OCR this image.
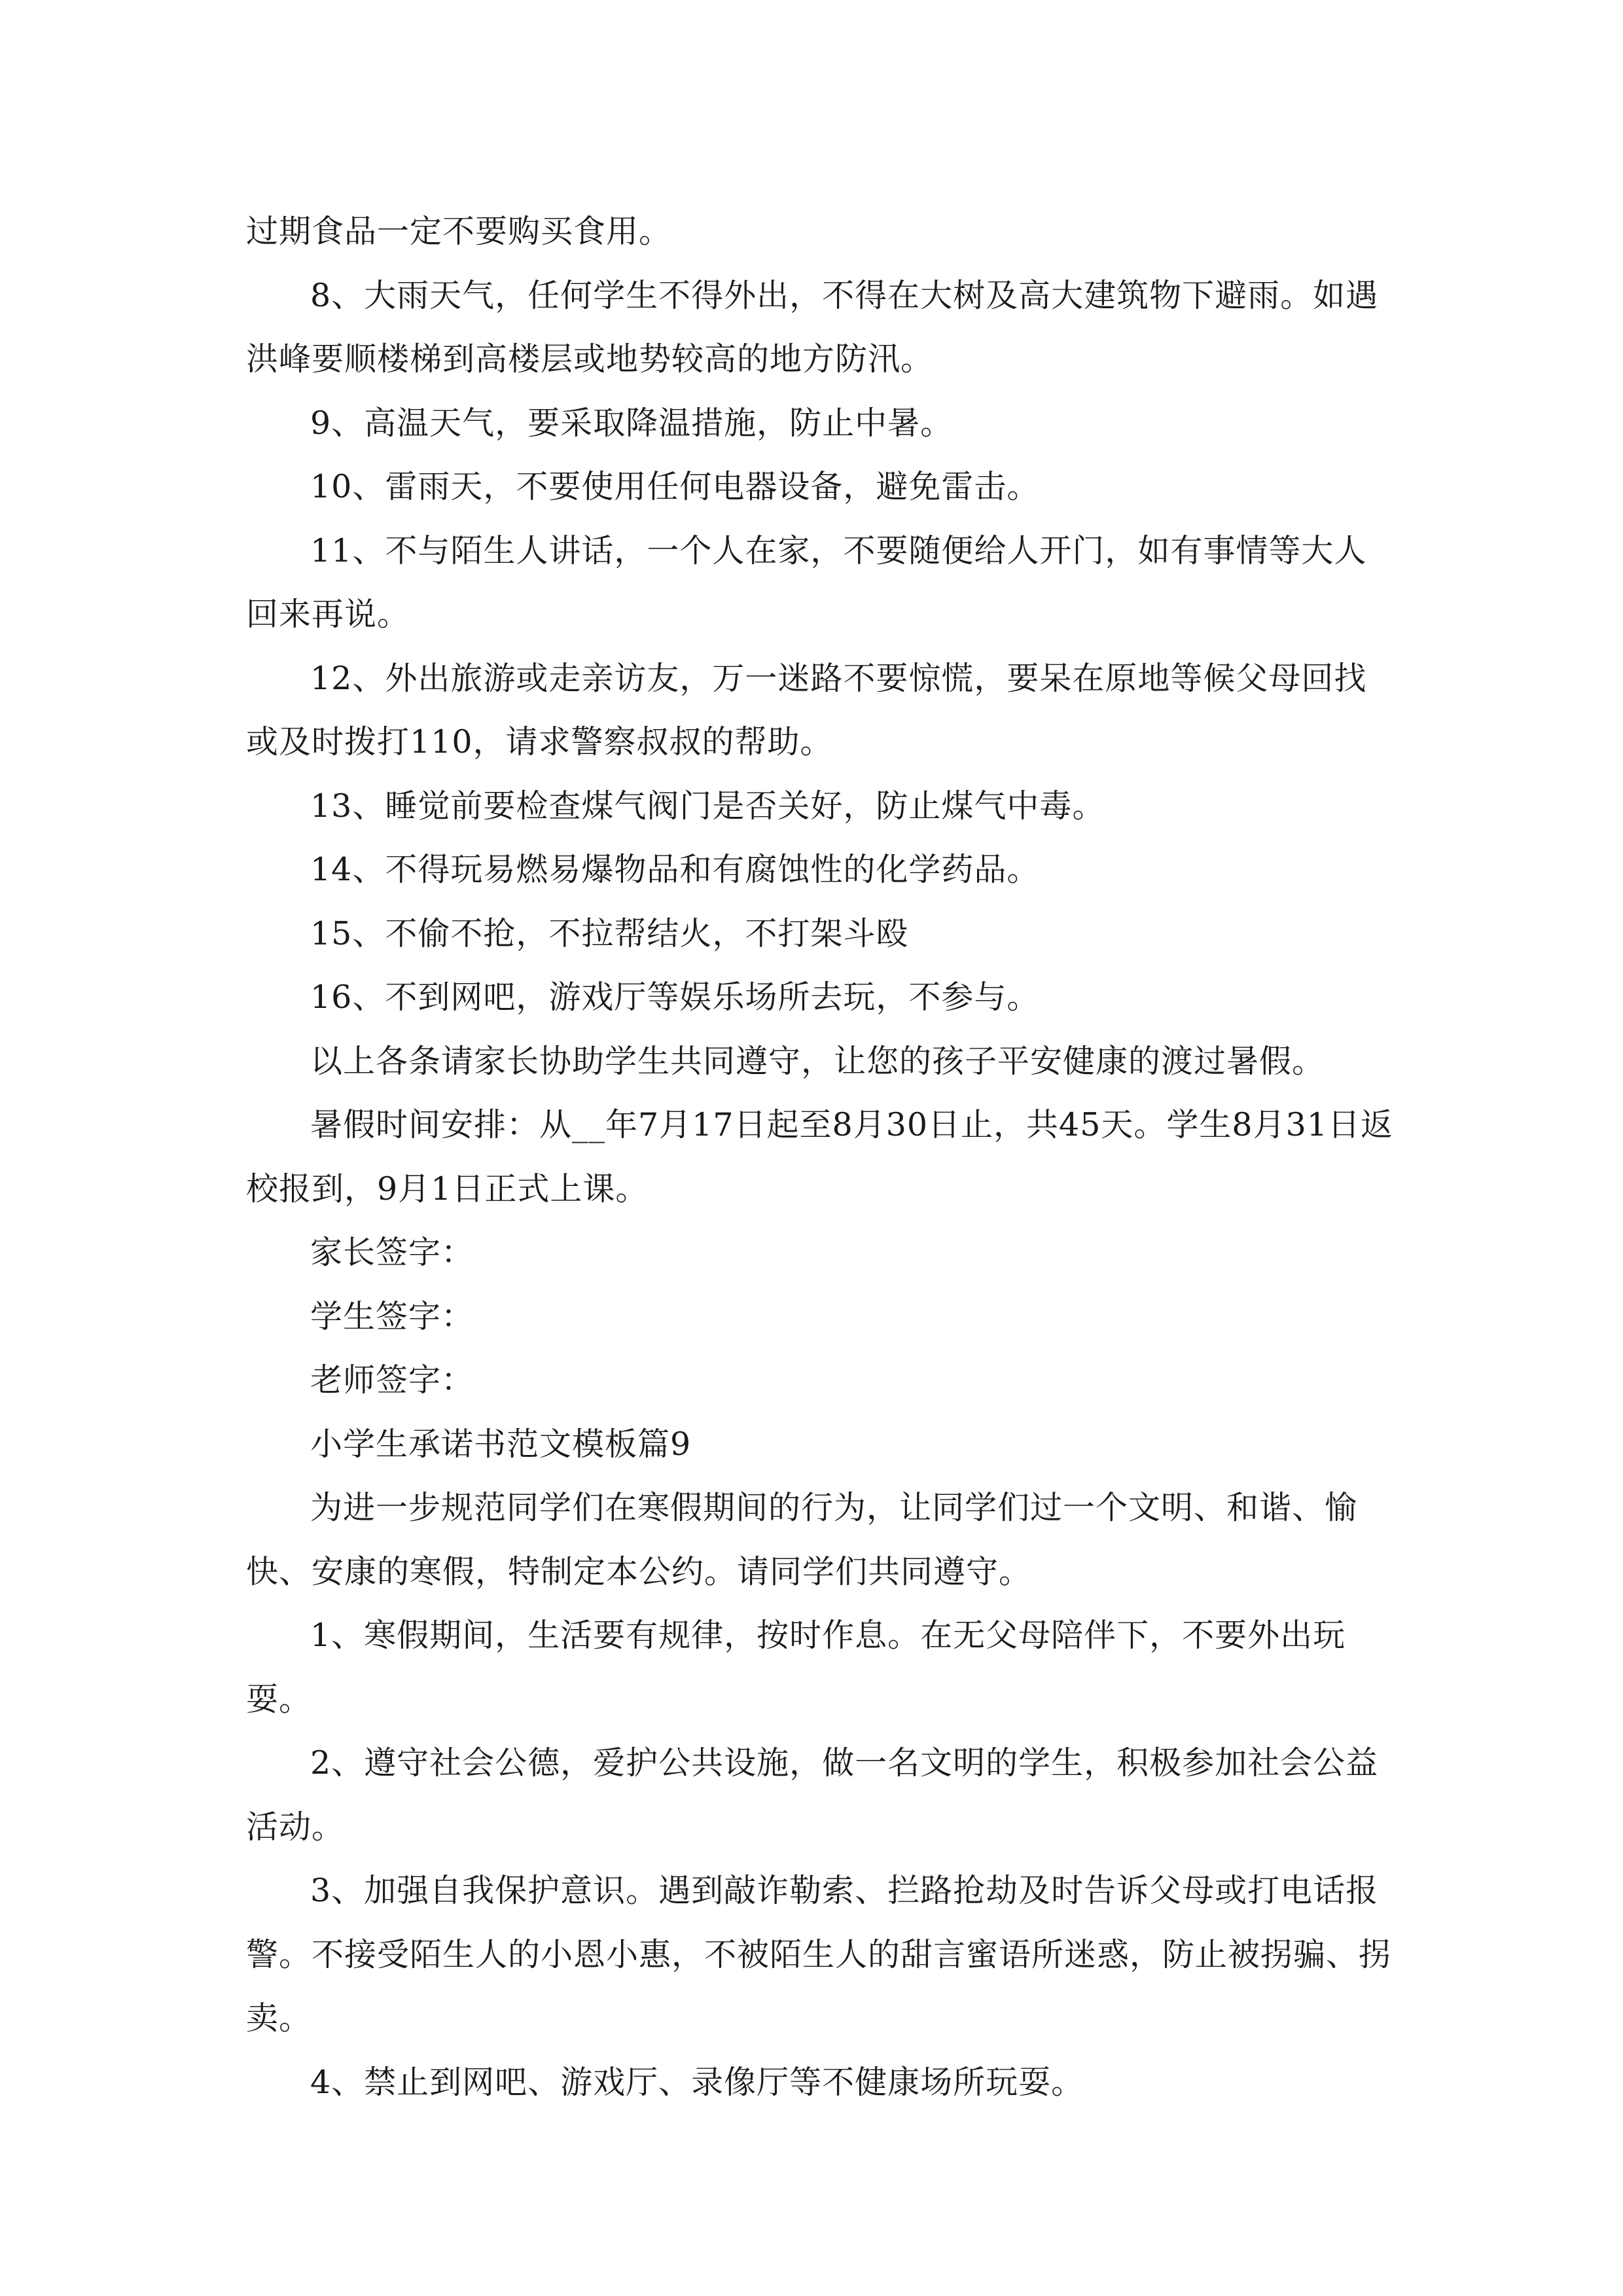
过期食品一定不要购买食用。

8、大雨天气，任何学生不得外出，不得在大树及高大建筑物下避雨。如遇洪峰要顺楼梯到高楼层或地势较高的地方防汛。

9、高温天气，要采取降温措施，防止中暑。

10、雷雨天，不要使用任何电器设备，避免雷击。

11、不与陌生人讲话，一个人在家，不要随便给人开门，如有事情等大人回来再说。

12、外出旅游或走亲访友，万一迷路不要惊慌，要呆在原地等候父母回找或及时拨打110，请求警察叔叔的帮助。

13、睡觉前要检查煤气阀门是否关好，防止煤气中毒。

14、不得玩易燃易爆物品和有腐蚀性的化学药品。

15、不偷不抢，不拉帮结火，不打架斗殴

16、不到网吧，游戏厅等娱乐场所去玩，不参与。

以上各条请家长协助学生共同遵守，让您的孩子平安健康的渡过暑假。

暑假时间安排：从__年7月17日起至8月30日止，共45天。学生8月31日返校报到，9月1日正式上课。

家长签字：

学生签字：

老师签字：

小学生承诺书范文模板篇9

为进一步规范同学们在寒假期间的行为，让同学们过一个文明、和谐、愉快、安康的寒假，特制定本公约。请同学们共同遵守。

1、寒假期间，生活要有规律，按时作息。在无父母陪伴下，不要外出玩耍。

2、遵守社会公德，爱护公共设施，做一名文明的学生，积极参加社会公益活动。

3、加强自我保护意识。遇到敲诈勒索、拦路抢劫及时告诉父母或打电话报警。不接受陌生人的小恩小惠，不被陌生人的甜言蜜语所迷惑，防止被拐骗、拐卖。

4、禁止到网吧、游戏厅、录像厅等不健康场所玩耍。
